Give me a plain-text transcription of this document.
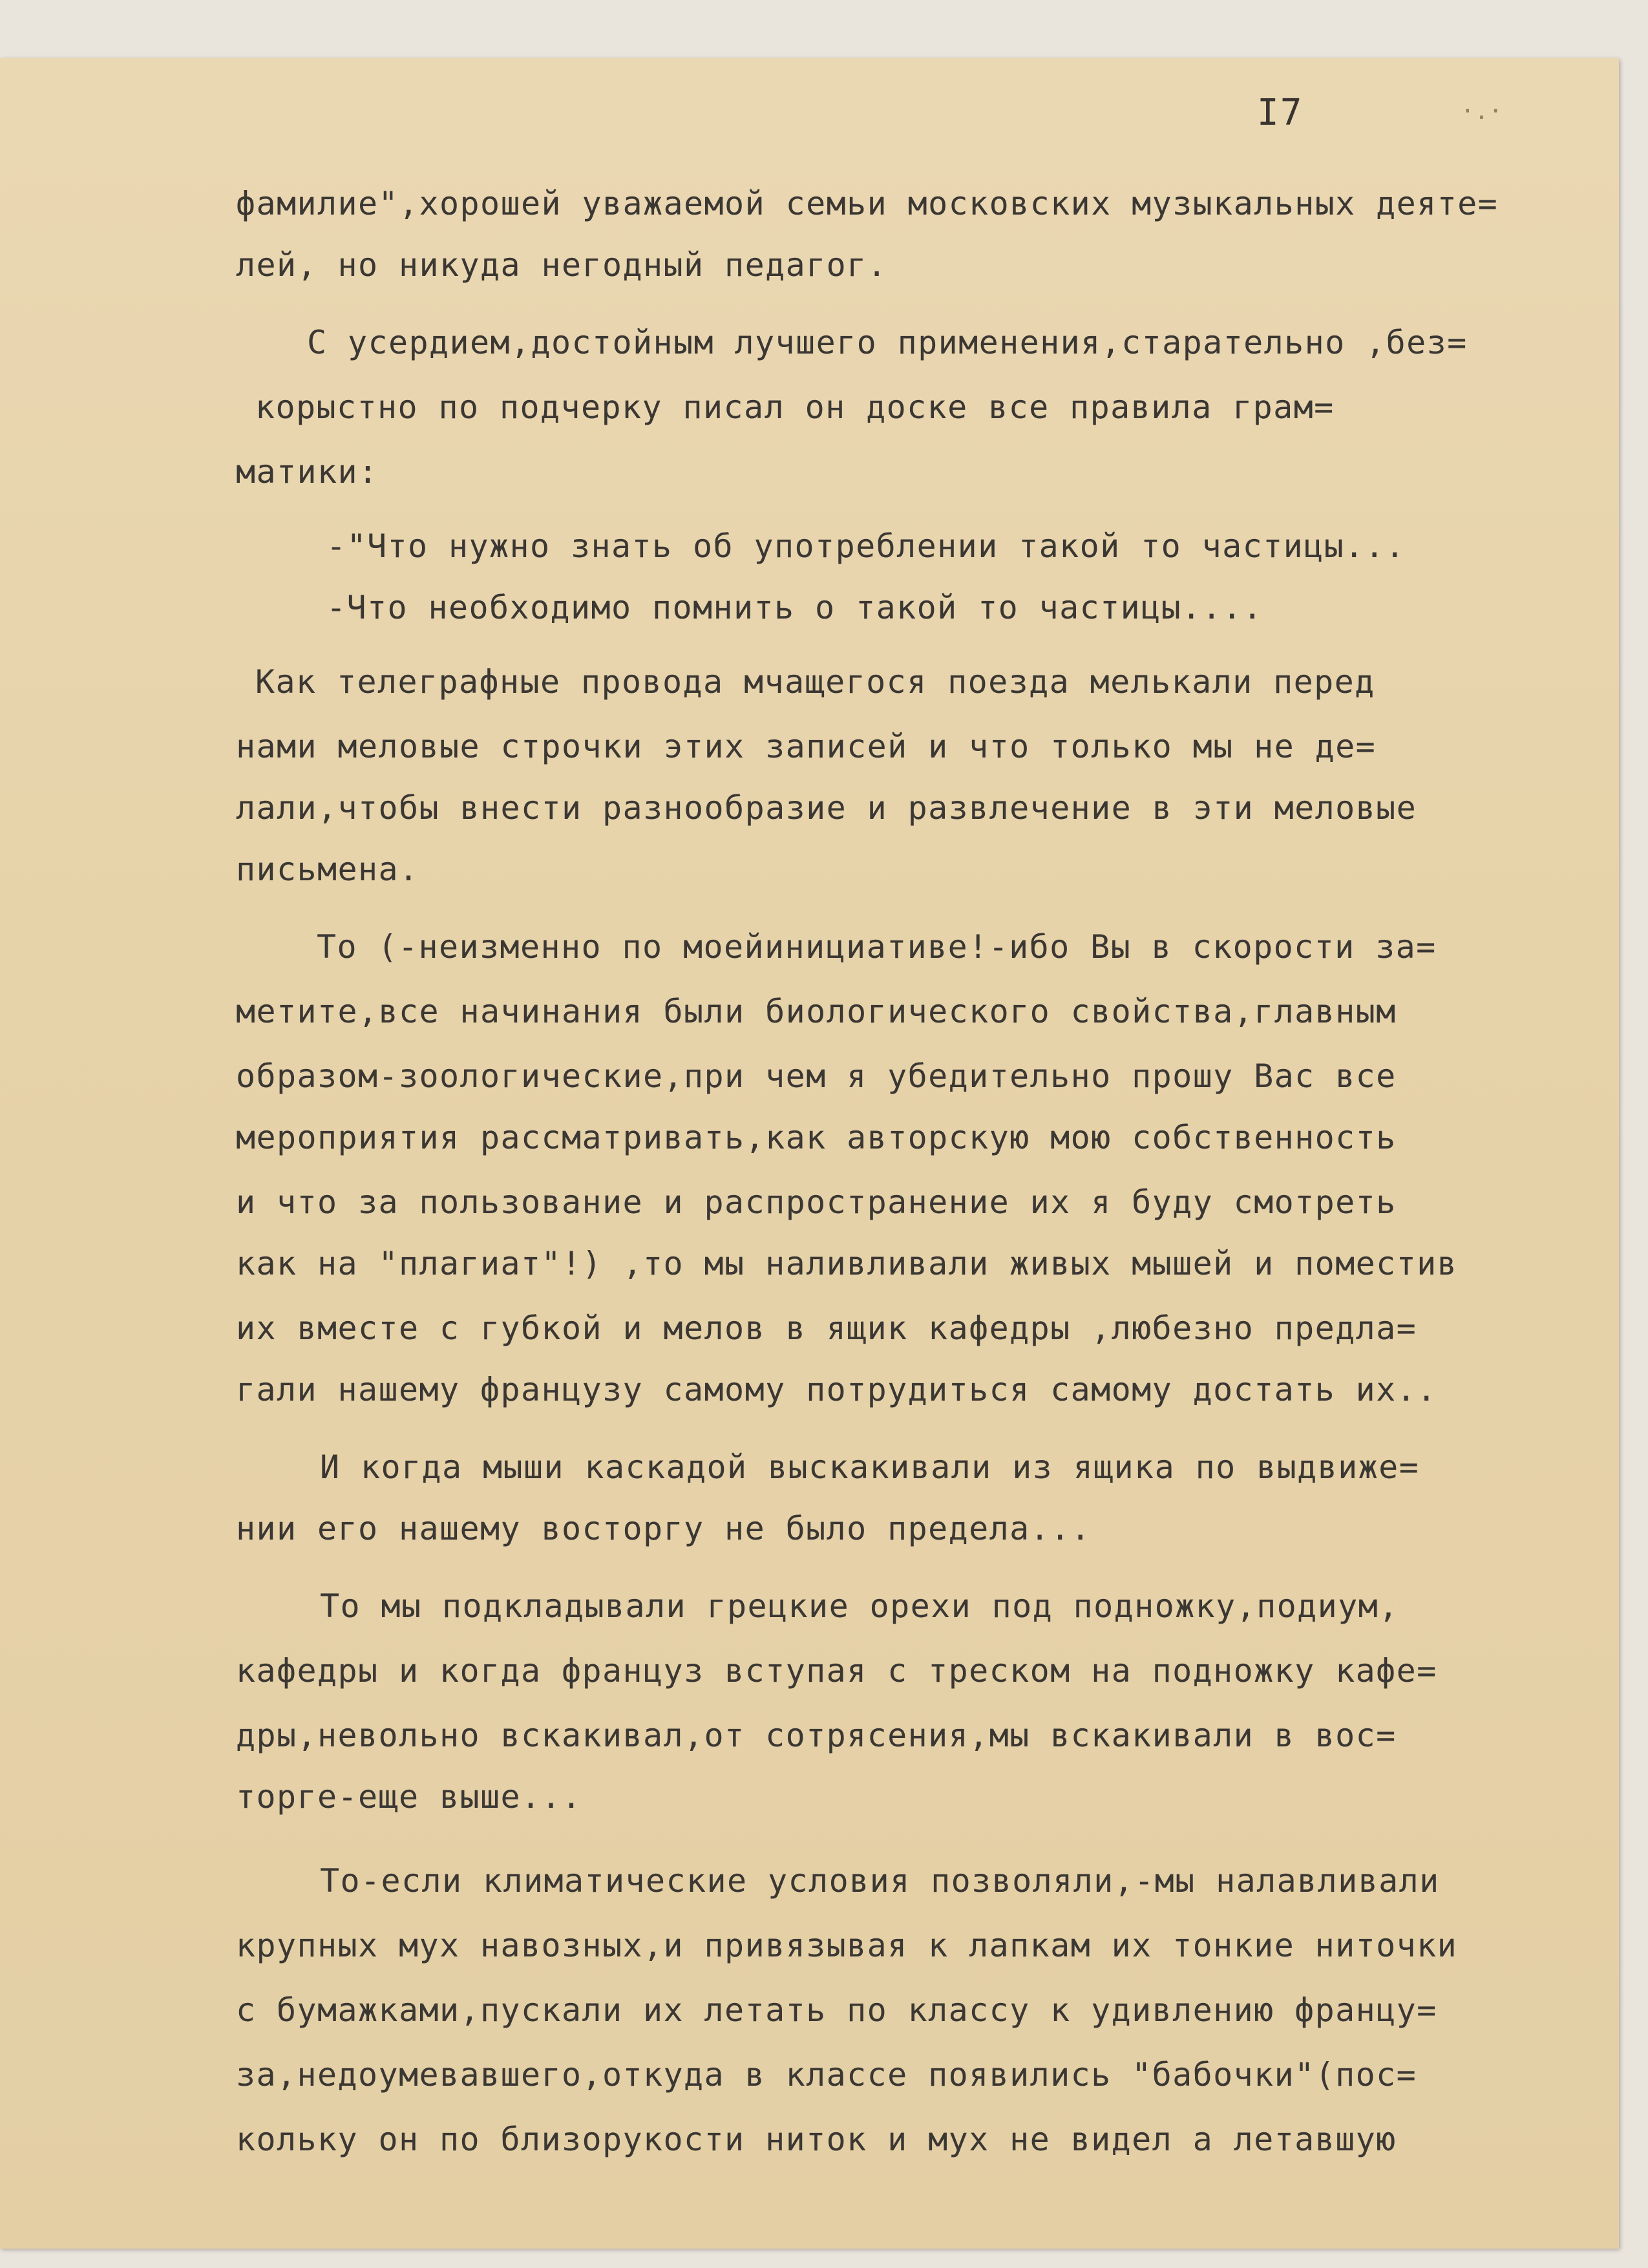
I7	·.·
фамилие",хорошей уважаемой семьи московских музыкальных деяте=
лей, но никуда негодный педагог.
С усердием,достойным лучшего применения,старательно ,без=
корыстно по подчерку писал он доске все правила грам=
матики:
-"Что нужно знать об употреблении такой то частицы...
-Что необходимо помнить о такой то частицы....
Как телеграфные провода мчащегося поезда мелькали перед
нами меловые строчки этих записей и что только мы не де=
лали,чтобы внести разнообразие и развлечение в эти меловые
письмена.
То (-неизменно по моейинициативе!-ибо Вы в скорости за=
метите,все начинания были биологического свойства,главным
образом-зоологические,при чем я убедительно прошу Вас все
мероприятия рассматривать,как авторскую мою собственность
и что за пользование и распространение их я буду смотреть
как на "плагиат"!) ,то мы наливливали живых мышей и поместив
их вместе с губкой и мелов в ящик кафедры ,любезно предла=
гали нашему французу самому потрудиться самому достать их..
И когда мыши каскадой выскакивали из ящика по выдвиже=
нии его нашему восторгу не было предела...
То мы подкладывали грецкие орехи под подножку,подиум,
кафедры и когда француз вступая с треском на подножку кафе=
дры,невольно вскакивал,от сотрясения,мы вскакивали в вос=
торге-еще выше...
То-если климатические условия позволяли,-мы налавливали
крупных мух навозных,и привязывая к лапкам их тонкие ниточки
с бумажками,пускали их летать по классу к удивлению францу=
за,недоумевавшего,откуда в классе появились "бабочки"(пос=
кольку он по близорукости ниток и мух не видел а летавшую
